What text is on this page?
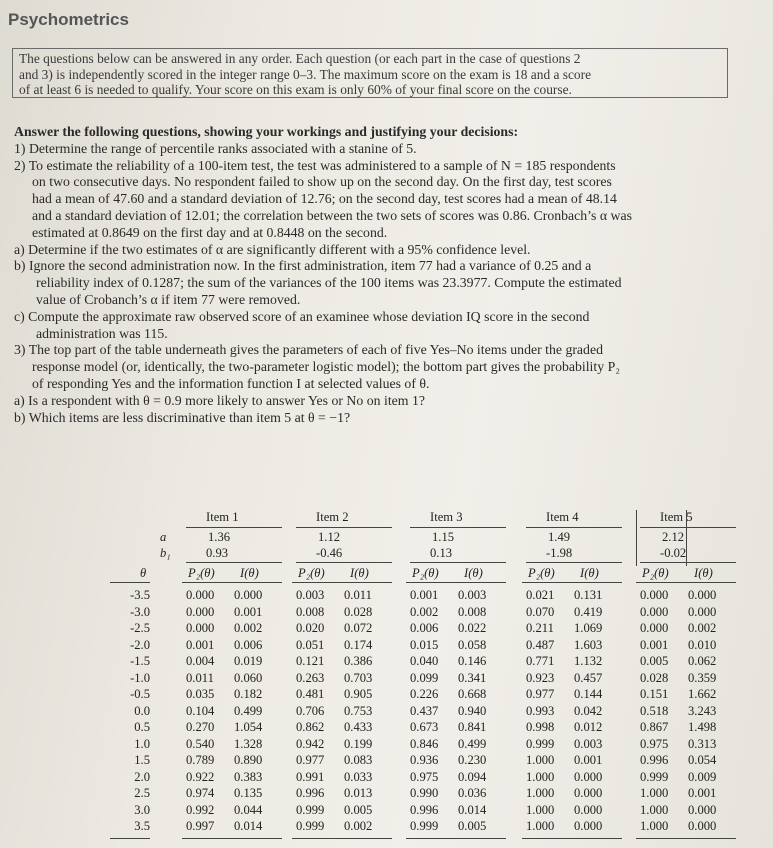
Psychometrics
The questions below can be answered in any order. Each question (or each part in the case of questions 2
and 3) is independently scored in the integer range 0–3. The maximum score on the exam is 18 and a score
of at least 6 is needed to qualify. Your score on this exam is only 60% of your final score on the course.

Answer the following questions, showing your workings and justifying your decisions:

1) Determine the range of percentile ranks associated with a stanine of 5.
2) To estimate the reliability of a 100-item test, the test was administered to a sample of N = 185 respondents
on two consecutive days. No respondent failed to show up on the second day. On the first day, test scores
had a mean of 47.60 and a standard deviation of 12.76; on the second day, test scores had a mean of 48.14
and a standard deviation of 12.01; the correlation between the two sets of scores was 0.86. Cronbach’s α was
estimated at 0.8649 on the first day and at 0.8448 on the second.
a) Determine if the two estimates of α are significantly different with a 95% confidence level.
b) Ignore the second administration now. In the first administration, item 77 had a variance of 0.25 and a
reliability index of 0.1287; the sum of the variances of the 100 items was 23.3977. Compute the estimated
value of Crobanch’s α if item 77 were removed.
c) Compute the approximate raw observed score of an examinee whose deviation IQ score in the second
administration was 115.
3) The top part of the table underneath gives the parameters of each of five Yes–No items under the graded
response model (or, identically, the two-parameter logistic model); the bottom part gives the probability P₂
of responding Yes and the information function I at selected values of θ.
a) Is a respondent with θ = 0.9 more likely to answer Yes or No on item 1?
b) Which items are less discriminative than item 5 at θ = −1?
a
b₁
θ
-3.5
-3.0
-2.5
-2.0
-1.5
-1.0
-0.5
0.0
0.5
1.0
1.5
2.0
2.5
3.0
3.5
Item 1
1.36
0.93
P₂(θ) I(θ)
0.000
0.000
0.000
0.001
0.004
0.011
0.035
0.104
0.270
0.540
0.789
0.922
0.974
0.992
0.997
0.000
0.001
0.002
0.006
0.019
0.060
0.182
0.499
1.054
1.328
0.890
0.383
0.135
0.044
0.014
Item 2
1.12
-0.46
P₂(θ) I(θ)
0.003
0.008
0.020
0.051
0.121
0.263
0.481
0.706
0.862
0.942
0.977
0.991
0.996
0.999
0.999
0.011
0.028
0.072
0.174
0.386
0.703
0.905
0.753
0.433
0.199
0.083
0.033
0.013
0.005
0.002
Item 3
1.15
0.13
P₂(θ) I(θ)
0.001
0.002
0.006
0.015
0.040
0.099
0.226
0.437
0.673
0.846
0.936
0.975
0.990
0.996
0.999
0.003
0.008
0.022
0.058
0.146
0.341
0.668
0.940
0.841
0.499
0.230
0.094
0.036
0.014
0.005
Item 4
1.49
-1.98
P₂(θ) I(θ)
0.021
0.070
0.211
0.487
0.771
0.923
0.977
0.993
0.998
0.999
1.000
1.000
1.000
1.000
1.000
0.131
0.419
1.069
1.603
1.132
0.457
0.144
0.042
0.012
0.003
0.001
0.000
0.000
0.000
0.000
Item 5
2.12
-0.02
P₂(θ) I(θ)
0.000
0.000
0.000
0.001
0.005
0.028
0.151
0.518
0.867
0.975
0.996
0.999
1.000
1.000
1.000
0.000
0.000
0.002
0.010
0.062
0.359
1.662
3.243
1.498
0.313
0.054
0.009
0.001
0.000
0.000
